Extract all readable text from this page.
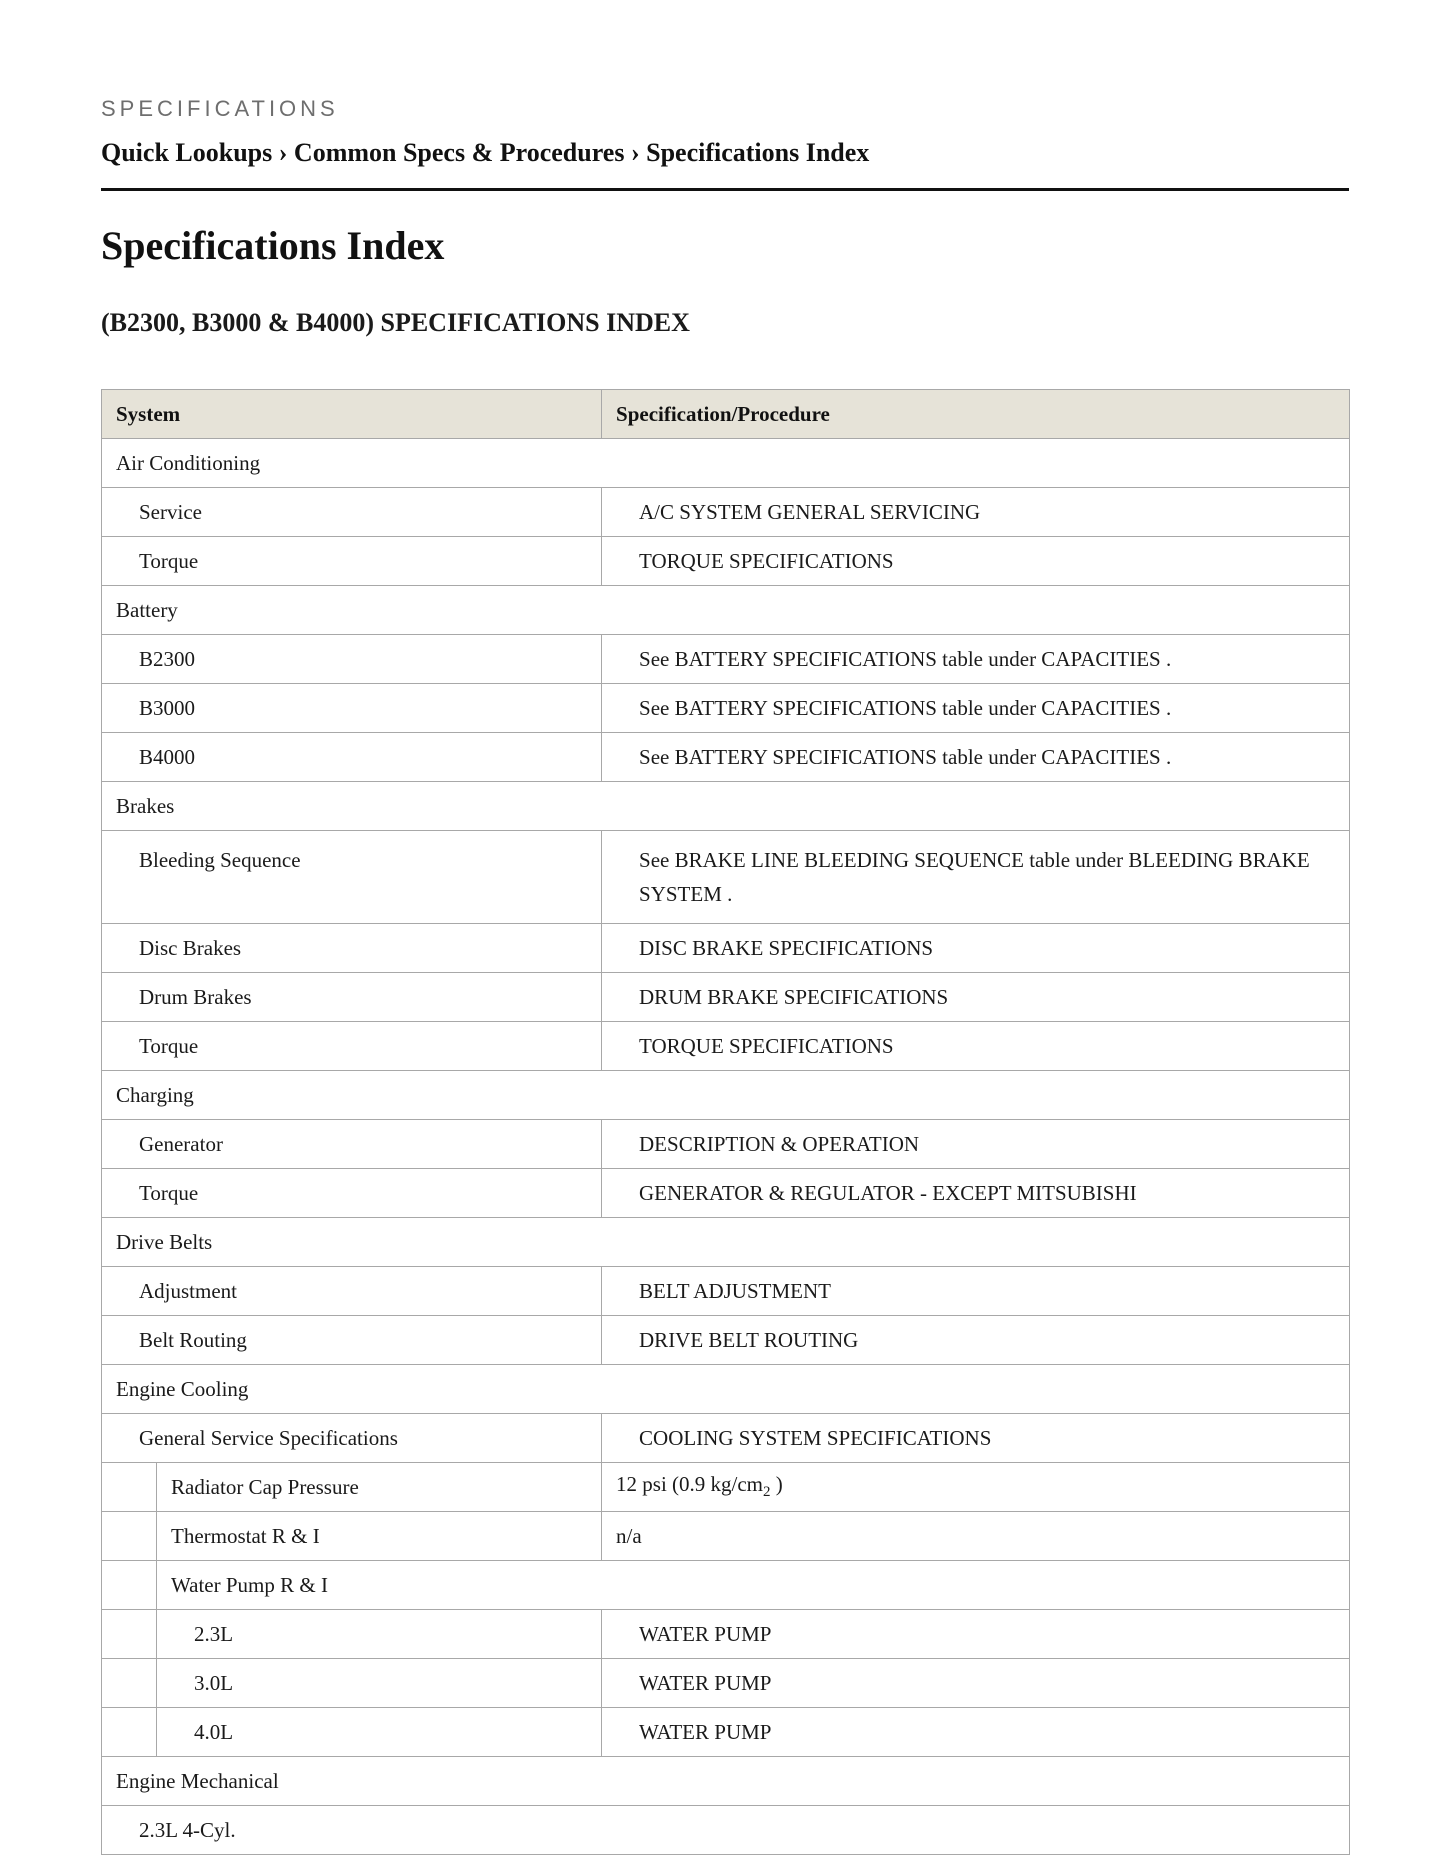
SPECIFICATIONS
Quick Lookups › Common Specs & Procedures › Specifications Index
Specifications Index
(B2300, B3000 & B4000) SPECIFICATIONS INDEX
System		Specification/Procedure
Air Conditioning		
Service		A/C SYSTEM GENERAL SERVICING
Torque		TORQUE SPECIFICATIONS
Battery		
B2300		See BATTERY SPECIFICATIONS table under CAPACITIES .
B3000		See BATTERY SPECIFICATIONS table under CAPACITIES .
B4000		See BATTERY SPECIFICATIONS table under CAPACITIES .
Brakes		
Bleeding Sequence		See BRAKE LINE BLEEDING SEQUENCE table under BLEEDING BRAKE SYSTEM .
Disc Brakes		DISC BRAKE SPECIFICATIONS
Drum Brakes		DRUM BRAKE SPECIFICATIONS
Torque		TORQUE SPECIFICATIONS
Charging		
Generator		DESCRIPTION & OPERATION
Torque		GENERATOR & REGULATOR - EXCEPT MITSUBISHI
Drive Belts		
Adjustment		BELT ADJUSTMENT
Belt Routing		DRIVE BELT ROUTING
Engine Cooling		
General Service Specifications		COOLING SYSTEM SPECIFICATIONS
	Radiator Cap Pressure	12 psi (0.9 $kg/cm_2$ )
	Thermostat R & I	n/a
	Water Pump R & I	
	2.3L	WATER PUMP
	3.0L	WATER PUMP
	4.0L	WATER PUMP
Engine Mechanical		
2.3L 4-Cyl.		
